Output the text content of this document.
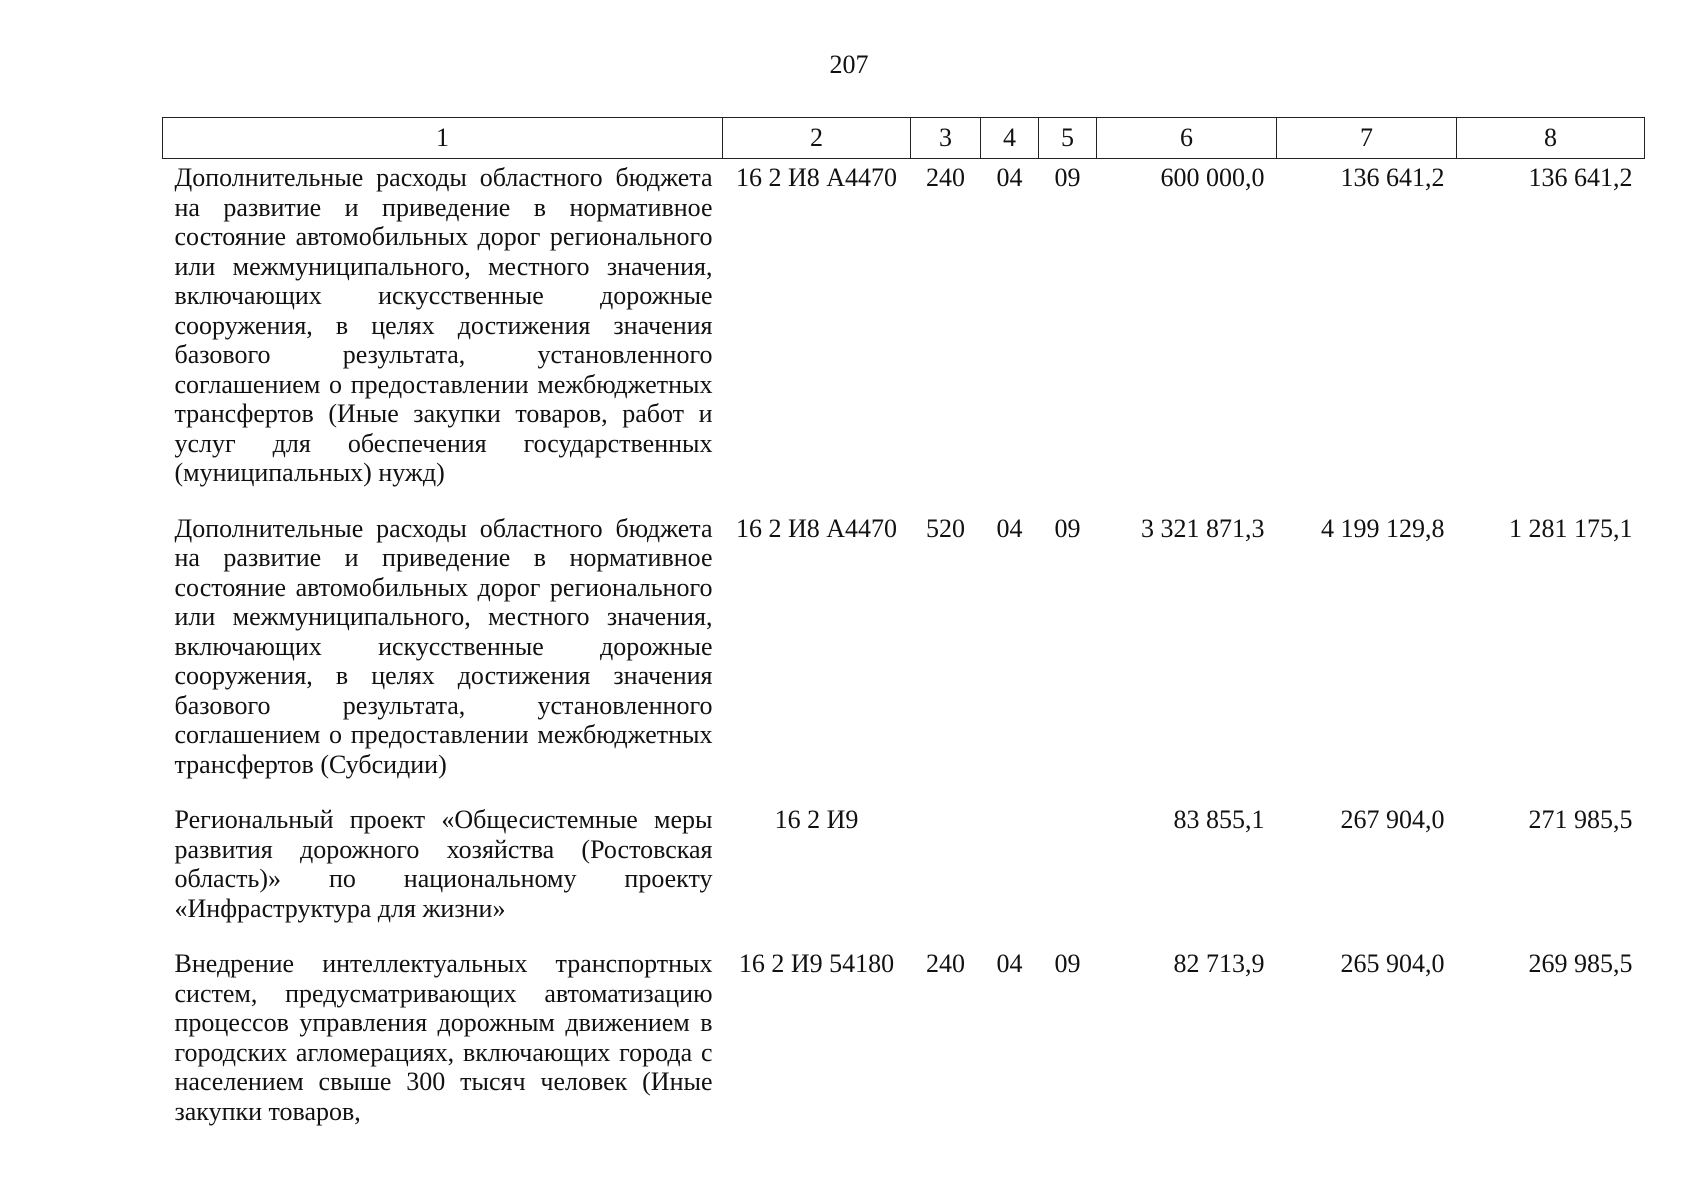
207
1	2	3	4	5	6	7	8
Дополнительные расходы областного бюджета на развитие и приведение в нормативное состояние автомобильных дорог регионального или межмуниципального, местного значения, включающих искусственные дорожные сооружения, в целях достижения значения базового результата, установленного соглашением о предоставлении межбюджетных трансфертов (Иные закупки товаров, работ и услуг для обеспечения государственных (муниципальных) нужд)	16 2 И8 А4470	240	04	09	600 000,0	136 641,2	136 641,2
Дополнительные расходы областного бюджета на развитие и приведение в нормативное состояние автомобильных дорог регионального или межмуниципального, местного значения, включающих искусственные дорожные сооружения, в целях достижения значения базового результата, установленного соглашением о предоставлении межбюджетных трансфертов (Субсидии)	16 2 И8 А4470	520	04	09	3 321 871,3	4 199 129,8	1 281 175,1
Региональный проект «Общесистемные меры развития дорожного хозяйства (Ростовская область)» по национальному проекту «Инфраструктура для жизни»	16 2 И9				83 855,1	267 904,0	271 985,5
Внедрение интеллектуальных транспортных систем, предусматривающих автоматизацию процессов управления дорожным движением в городских агломерациях, включающих города с населением свыше 300 тысяч человек (Иные закупки товаров,	16 2 И9 54180	240	04	09	82 713,9	265 904,0	269 985,5
